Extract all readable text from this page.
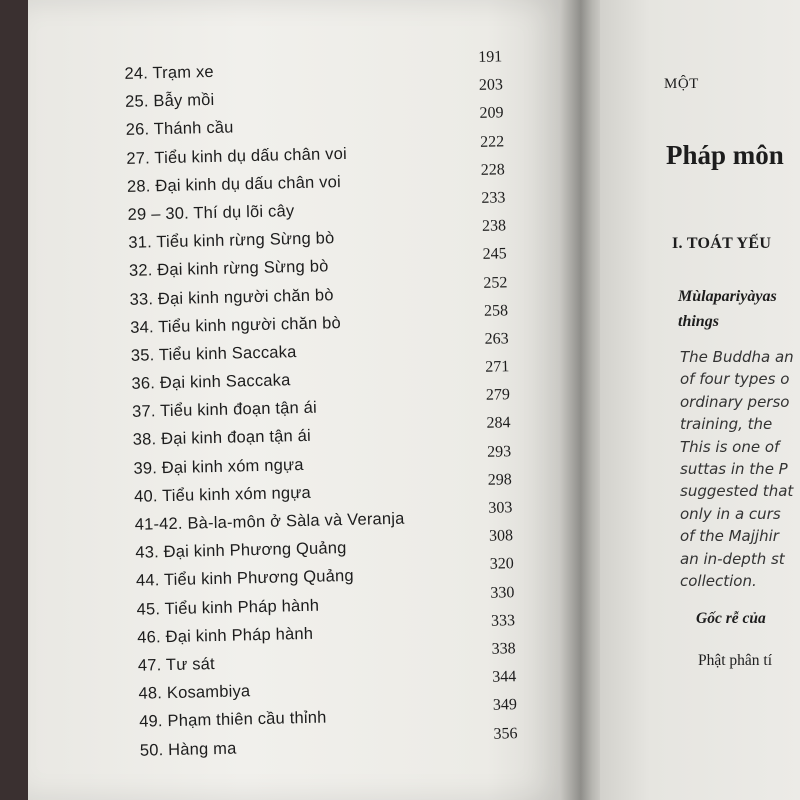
24. Trạm xe
191
25. Bẫy mồi
203
26. Thánh cầu
209
27. Tiểu kinh dụ dấu chân voi
222
28. Đại kinh dụ dấu chân voi
228
29 – 30. Thí dụ lõi cây
233
31. Tiểu kinh rừng Sừng bò
238
32. Đại kinh rừng Sừng bò
245
33. Đại kinh người chăn bò
252
34. Tiểu kinh người chăn bò
258
35. Tiểu kinh Saccaka
263
36. Đại kinh Saccaka
271
37. Tiểu kinh đoạn tận ái
279
38. Đại kinh đoạn tận ái
284
39. Đại kinh xóm ngựa
293
40. Tiểu kinh xóm ngựa
298
41-42. Bà-la-môn ở Sàla và Veranja
303
43. Đại kinh Phương Quảng
308
44. Tiểu kinh Phương Quảng
320
45. Tiểu kinh Pháp hành
330
46. Đại kinh Pháp hành
333
47. Tư sát
338
48. Kosambiya
344
49. Phạm thiên cầu thỉnh
349
50. Hàng ma
356
MỘT
Pháp môn
I. TOÁT YẾU
Mùlapariyàyas
things
The Buddha an
of four types o
ordinary perso
training, the
This is one of
suttas in the P
suggested that
only in a curs
of the Majjhir
an in-depth st
collection.
Gốc rễ của
Phật phân tí
